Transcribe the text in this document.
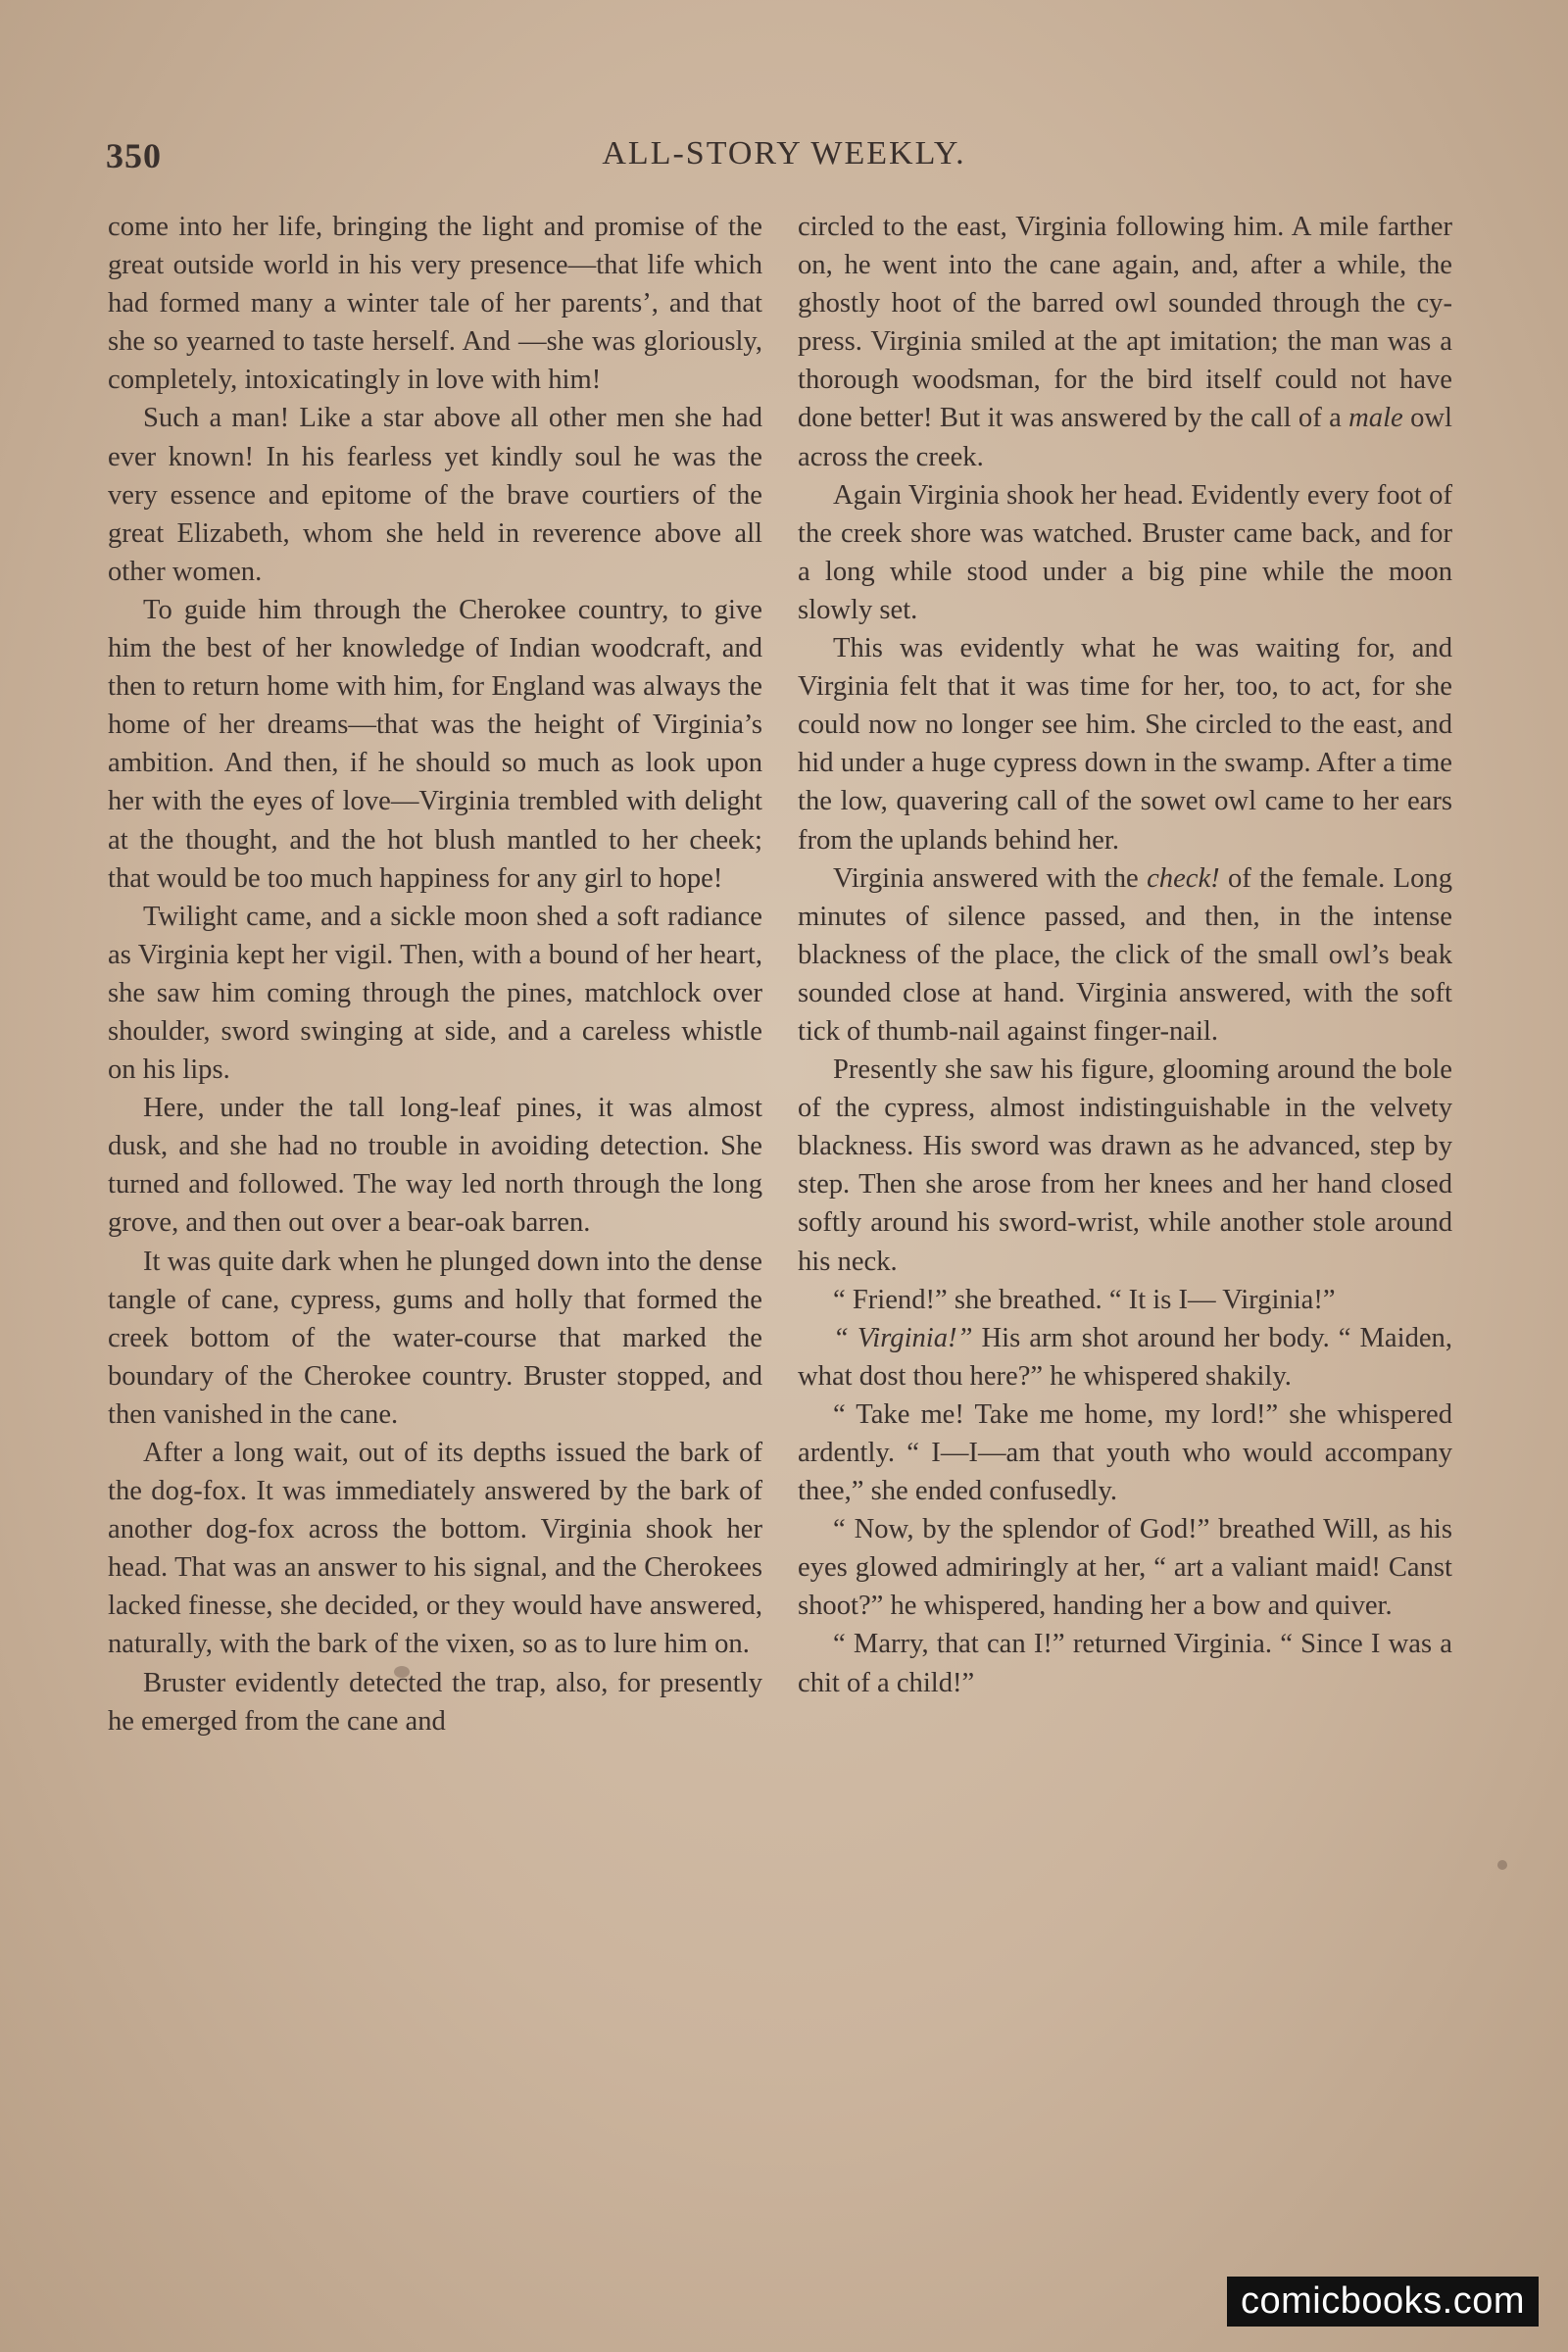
350	ALL-STORY WEEKLY.

come into her life, bringing the light and promise of the great outside world in his very presence—that life which had formed many a winter tale of her parents’, and that she so yearned to taste herself. And —she was gloriously, completely, intoxicatingly in love with him!

Such a man! Like a star above all other men she had ever known! In his fearless yet kindly soul he was the very essence and epitome of the brave courtiers of the great Elizabeth, whom she held in reverence above all other women.

To guide him through the Cherokee country, to give him the best of her knowledge of Indian woodcraft, and then to return home with him, for England was always the home of her dreams—that was the height of Virginia’s ambition. And then, if he should so much as look upon her with the eyes of love—Virginia trembled with delight at the thought, and the hot blush mantled to her cheek; that would be too much happiness for any girl to hope!

Twilight came, and a sickle moon shed a soft radiance as Virginia kept her vigil. Then, with a bound of her heart, she saw him coming through the pines, matchlock over shoulder, sword swinging at side, and a careless whistle on his lips.

Here, under the tall long-leaf pines, it was almost dusk, and she had no trouble in avoiding detection. She turned and followed. The way led north through the long grove, and then out over a bear-oak barren.

It was quite dark when he plunged down into the dense tangle of cane, cypress, gums and holly that formed the creek bottom of the water-course that marked the boundary of the Cherokee country. Bruster stopped, and then vanished in the cane.

After a long wait, out of its depths issued the bark of the dog-fox. It was immediately answered by the bark of another dog-fox across the bottom. Virginia shook her head. That was an answer to his signal, and the Cherokees lacked finesse, she decided, or they would have answered, naturally, with the bark of the vixen, so as to lure him on.

Bruster evidently detected the trap, also, for presently he emerged from the cane and

circled to the east, Virginia following him. A mile farther on, he went into the cane again, and, after a while, the ghostly hoot of the barred owl sounded through the cypress. Virginia smiled at the apt imitation; the man was a thorough woodsman, for the bird itself could not have done better! But it was answered by the call of a male owl across the creek.

Again Virginia shook her head. Evidently every foot of the creek shore was watched. Bruster came back, and for a long while stood under a big pine while the moon slowly set.

This was evidently what he was waiting for, and Virginia felt that it was time for her, too, to act, for she could now no longer see him. She circled to the east, and hid under a huge cypress down in the swamp. After a time the low, quavering call of the sowet owl came to her ears from the uplands behind her.

Virginia answered with the check! of the female. Long minutes of silence passed, and then, in the intense blackness of the place, the click of the small owl’s beak sounded close at hand. Virginia answered, with the soft tick of thumb-nail against finger-nail.

Presently she saw his figure, glooming around the bole of the cypress, almost indistinguishable in the velvety blackness. His sword was drawn as he advanced, step by step. Then she arose from her knees and her hand closed softly around his sword-wrist, while another stole around his neck.

“ Friend!” she breathed. “ It is I— Virginia!”

“ Virginia!” His arm shot around her body. “ Maiden, what dost thou here?” he whispered shakily.

“ Take me! Take me home, my lord!” she whispered ardently. “ I—I—am that youth who would accompany thee,” she ended confusedly.

“ Now, by the splendor of God!” breathed Will, as his eyes glowed admiringly at her, “ art a valiant maid! Canst shoot?” he whispered, handing her a bow and quiver.

“ Marry, that can I!” returned Virginia. “ Since I was a chit of a child!”

comicbooks.com
